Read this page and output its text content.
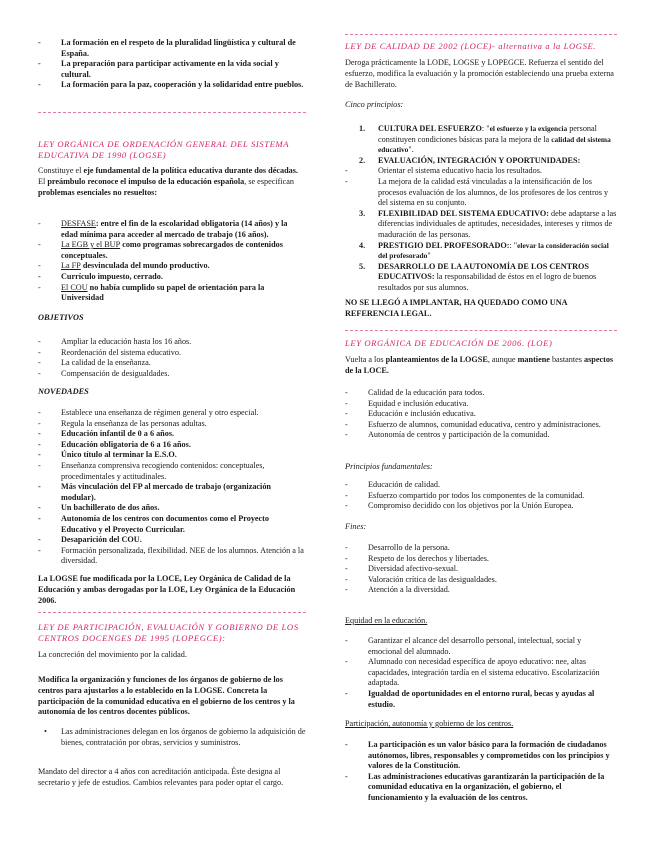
- La formación en el respeto de la pluralidad lingüística y cultural de España.
- La preparación para participar activamente en la vida social y cultural.
- La formación para la paz, cooperación y la solidaridad entre pueblos.

LEY ORGÁNICA DE ORDENACIÓN GENERAL DEL SISTEMA EDUCATIVA DE 1990 (LOGSE)

Constituye el eje fundamental de la política educativa durante dos décadas. El preámbulo reconoce el impulso de la educación española, se especifican problemas esenciales no resueltos:

- DESFASE: entre el fin de la escolaridad obligatoria (14 años) y la edad mínima para acceder al mercado de trabajo (16 años).
- La EGB y el BUP como programas sobrecargados de contenidos conceptuales.
- La FP desvinculada del mundo productivo.
- Currículo impuesto, cerrado.
- El COU no había cumplido su papel de orientación para la Universidad

OBJETIVOS

- Ampliar la educación hasta los 16 años.
- Reordenación del sistema educativo.
- La calidad de la enseñanza.
- Compensación de desigualdades.

NOVEDADES

- Establece una enseñanza de régimen general y otro especial.
- Regula la enseñanza de las personas adultas.
- Educación infantil de 0 a 6 años.
- Educación obligatoria de 6 a 16 años.
- Único título al terminar la E.S.O.
- Enseñanza comprensiva recogiendo contenidos: conceptuales, procedimentales y actitudinales.
- Más vinculación del FP al mercado de trabajo (organización modular).
- Un bachillerato de dos años.
- Autonomía de los centros con documentos como el Proyecto Educativo y el Proyecto Curricular.
- Desaparición del COU.
- Formación personalizada, flexibilidad. NEE de los alumnos. Atención a la diversidad.

La LOGSE fue modificada por la LOCE, Ley Orgánica de Calidad de la Educación y ambas derogadas por la LOE, Ley Orgánica de la Educación 2006.

LEY DE PARTICIPACIÓN, EVALUACIÓN Y GOBIERNO DE LOS CENTROS DOCENGES DE 1995 (LOPEGCE):

La concreción del movimiento por la calidad.

Modifica la organización y funciones de los órganos de gobierno de los centros para ajustarlos a lo establecido en la LOGSE. Concreta la participación de la comunidad educativa en el gobierno de los centros y la autonomía de los centros docentes públicos.

• Las administraciones delegan en los órganos de gobierno la adquisición de bienes, contratación por obras, servicios y suministros.

Mandato del director a 4 años con acreditación anticipada. Éste designa al secretario y jefe de estudios. Cambios relevantes para poder optar el cargo.

LEY DE CALIDAD DE 2002 (LOCE)- alternativa a la LOGSE.

Deroga prácticamente la LODE, LOGSE y LOPEGCE. Refuerza el sentido del esfuerzo, modifica la evaluación y la promoción estableciendo una prueba externa de Bachillerato.

Cinco principios:

1. CULTURA DEL ESFUERZO: "el esfuerzo y la exigencia personal constituyen condiciones básicas para la mejora de la calidad del sistema educativo".
2. EVALUACIÓN, INTEGRACIÓN Y OPORTUNIDADES:
- Orientar el sistema educativo hacia los resultados.
- La mejora de la calidad está vinculadas a la intensificación de los procesos evaluación de los alumnos, de los profesores de los centros y del sistema en su conjunto.
3. FLEXIBILIDAD DEL SISTEMA EDUCATIVO: debe adaptarse a las diferencias individuales de aptitudes, necesidades, intereses y ritmos de maduración de las personas.
4. PRESTIGIO DEL PROFESORADO:: "elevar la consideración social del profesorado"
5. DESARROLLO DE LA AUTONOMÍA DE LOS CENTROS EDUCATIVOS: la responsabilidad de éstos en el logro de buenos resultados por sus alumnos.

NO SE LLEGÓ A IMPLANTAR, HA QUEDADO COMO UNA REFERENCIA LEGAL.

LEY ORGÁNICA DE EDUCACIÓN DE 2006. (LOE)

Vuelta a los planteamientos de la LOGSE, aunque mantiene bastantes aspectos de la LOCE.

- Calidad de la educación para todos.
- Equidad e inclusión educativa.
- Educación e inclusión educativa.
- Esfuerzo de alumnos, comunidad educativa, centro y administraciones.
- Autonomía de centros y participación de la comunidad.

Principios fundamentales:

- Educación de calidad.
- Esfuerzo compartido por todos los componentes de la comunidad.
- Compromiso decidido con los objetivos por la Unión Europea.

Fines:

- Desarrollo de la persona.
- Respeto de los derechos y libertades.
- Diversidad afectivo-sexual.
- Valoración crítica de las desigualdades.
- Atención a la diversidad.

Equidad en la educación.

- Garantizar el alcance del desarrollo personal, intelectual, social y emocional del alumnado.
- Alumnado con necesidad específica de apoyo educativo: nee, altas capacidades, integración tardía en el sistema educativo. Escolarización adaptada.
- Igualdad de oportunidades en el entorno rural, becas y ayudas al estudio.

Participación, autonomía y gobierno de los centros.

- La participación es un valor básico para la formación de ciudadanos autónomos, libres, responsables y comprometidos con los principios y valores de la Constitución.
- Las administraciones educativas garantizarán la participación de la comunidad educativa en la organización, el gobierno, el funcionamiento y la evaluación de los centros.
